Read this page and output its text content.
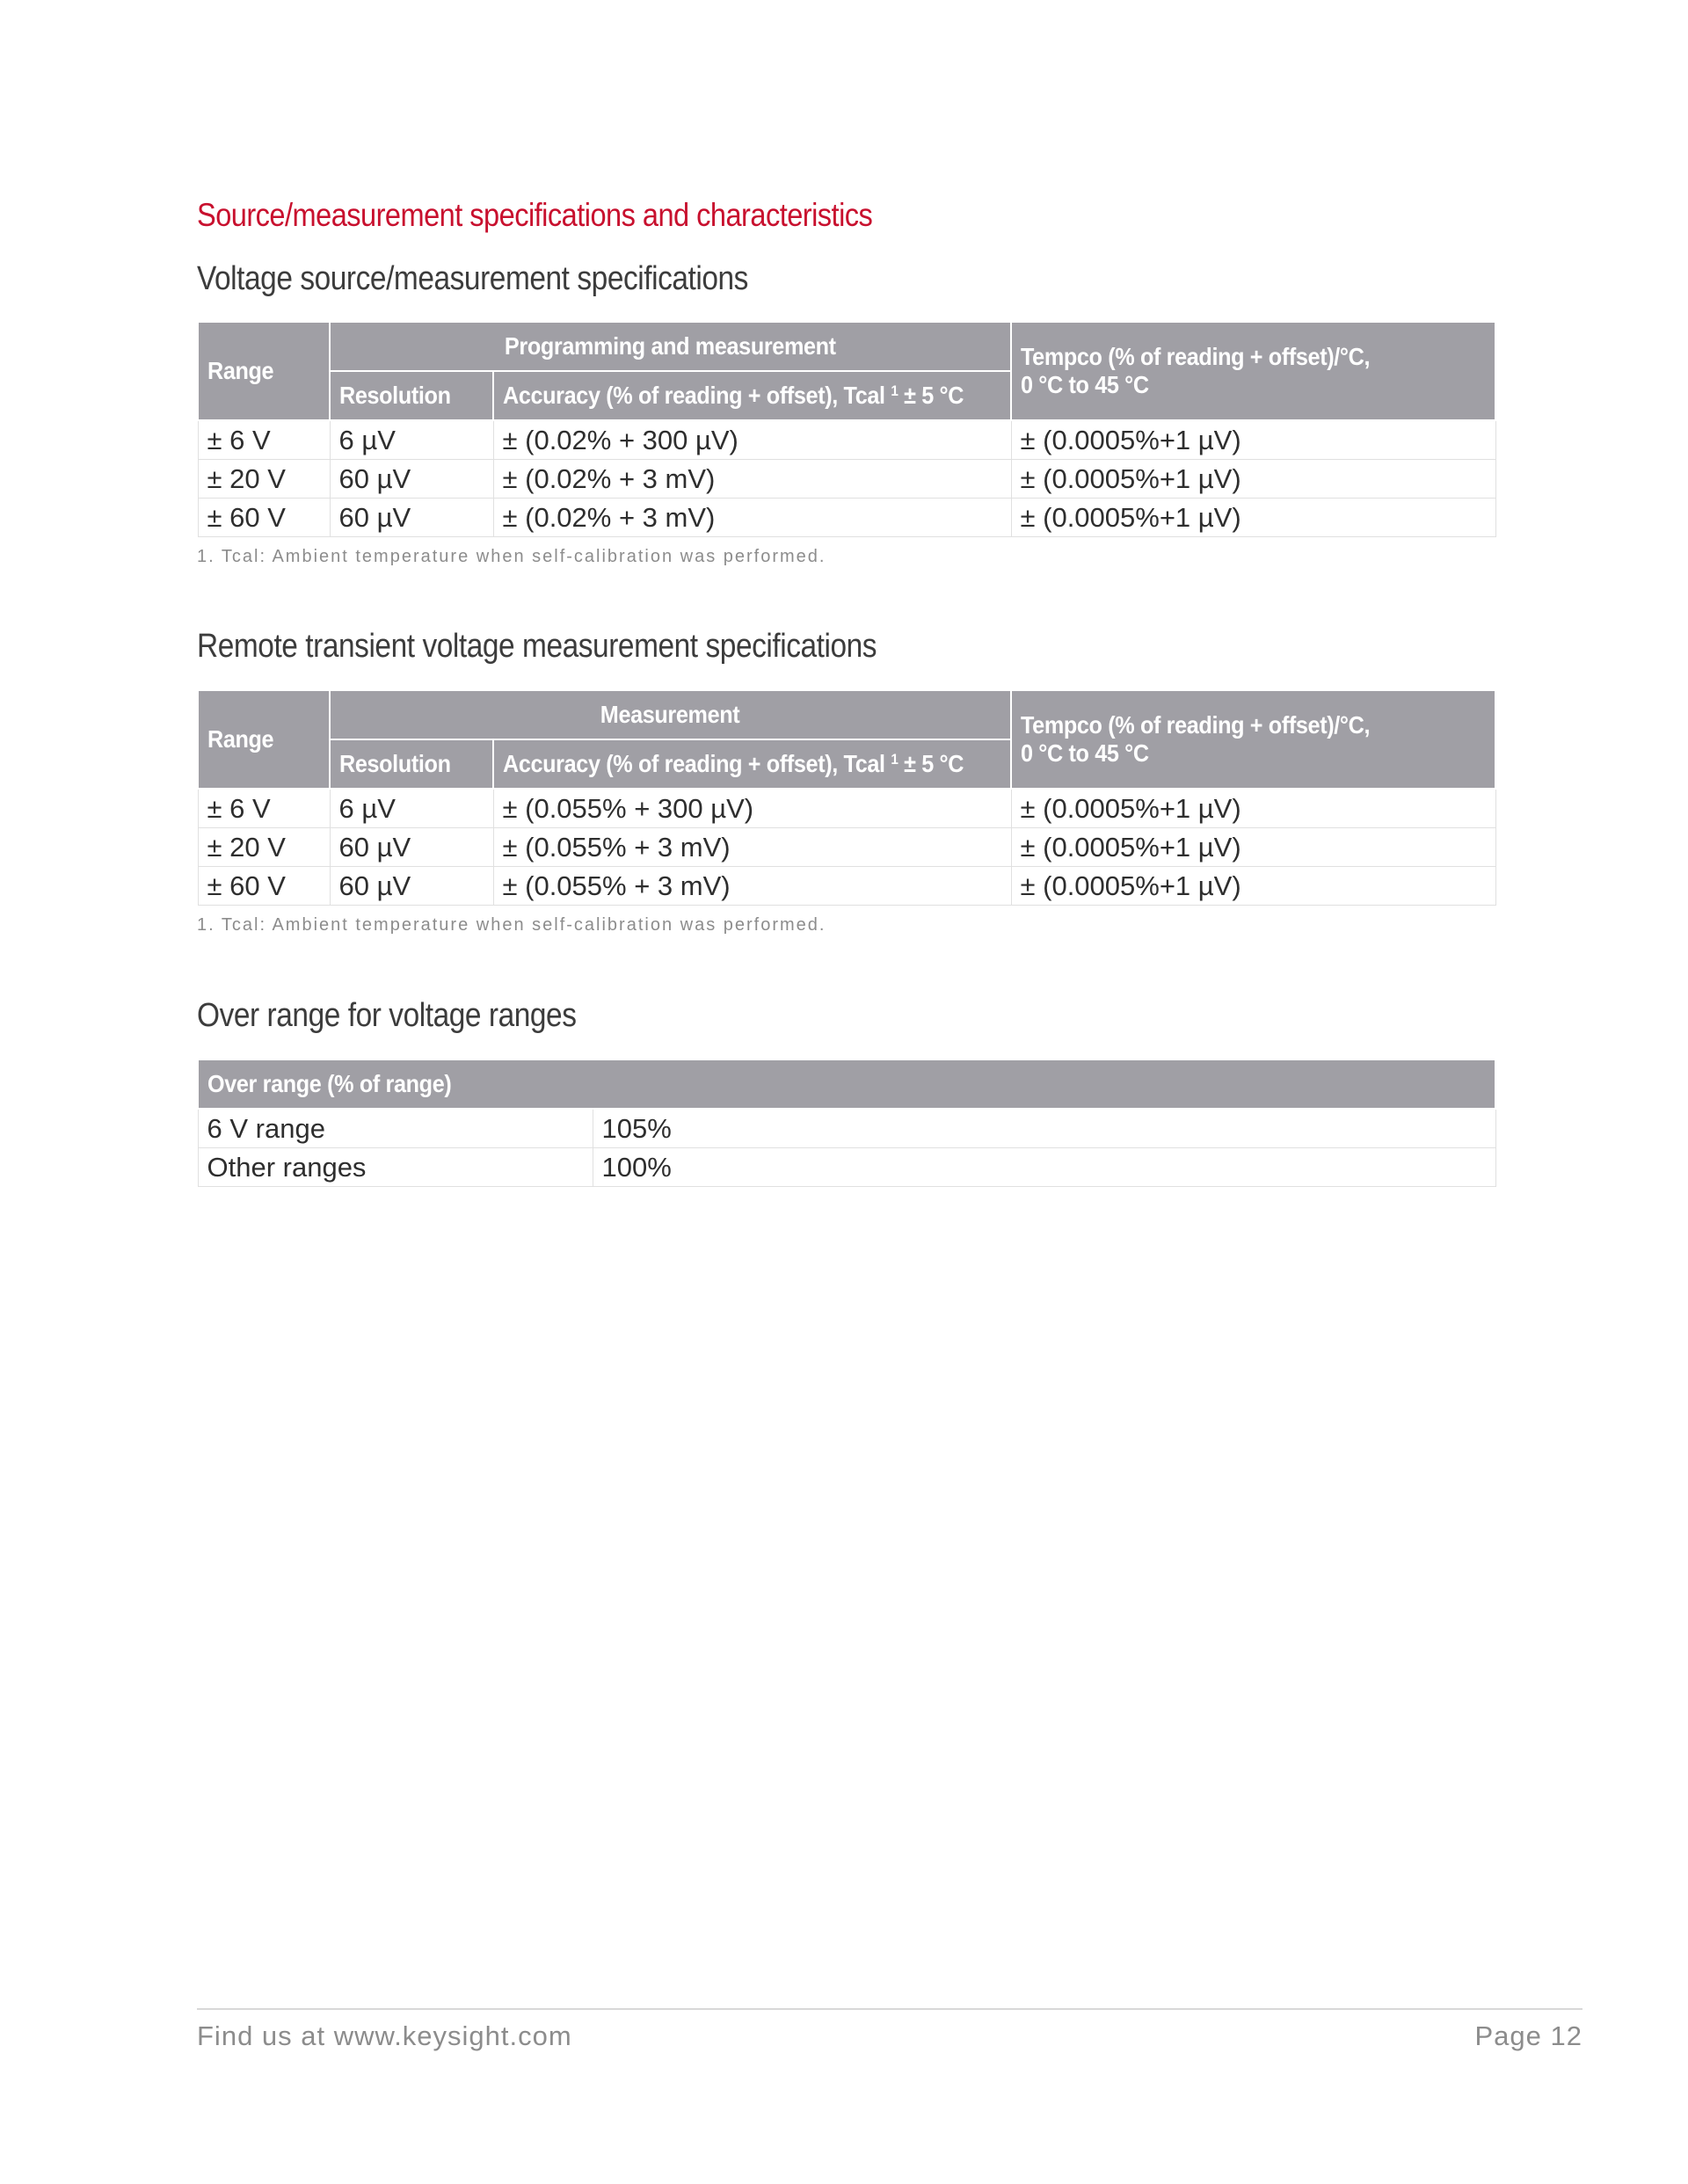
Source/measurement specifications and characteristics
Voltage source/measurement specifications
Range	Programming and measurement		Tempco (% of reading + offset)/°C,
0 °C to 45 °C
	Resolution	Accuracy (% of reading + offset), Tcal $^1$ ± 5 °C	
± 6 V	6 µV	± (0.02% + 300 µV)	± (0.0005%+1 µV)
± 20 V	60 µV	± (0.02% + 3 mV)	± (0.0005%+1 µV)
± 60 V	60 µV	± (0.02% + 3 mV)	± (0.0005%+1 µV)
1. Tcal: Ambient temperature when self-calibration was performed.
Remote transient voltage measurement specifications
Range	Measurement		Tempco (% of reading + offset)/°C,
0 °C to 45 °C
	Resolution	Accuracy (% of reading + offset), Tcal $^1$ ± 5 °C	
± 6 V	6 µV	± (0.055% + 300 µV)	± (0.0005%+1 µV)
± 20 V	60 µV	± (0.055% + 3 mV)	± (0.0005%+1 µV)
± 60 V	60 µV	± (0.055% + 3 mV)	± (0.0005%+1 µV)
1. Tcal: Ambient temperature when self-calibration was performed.
Over range for voltage ranges
Over range (% of range)	
6 V range	105%
Other ranges	100%
Find us at www.keysight.com	Page 12
